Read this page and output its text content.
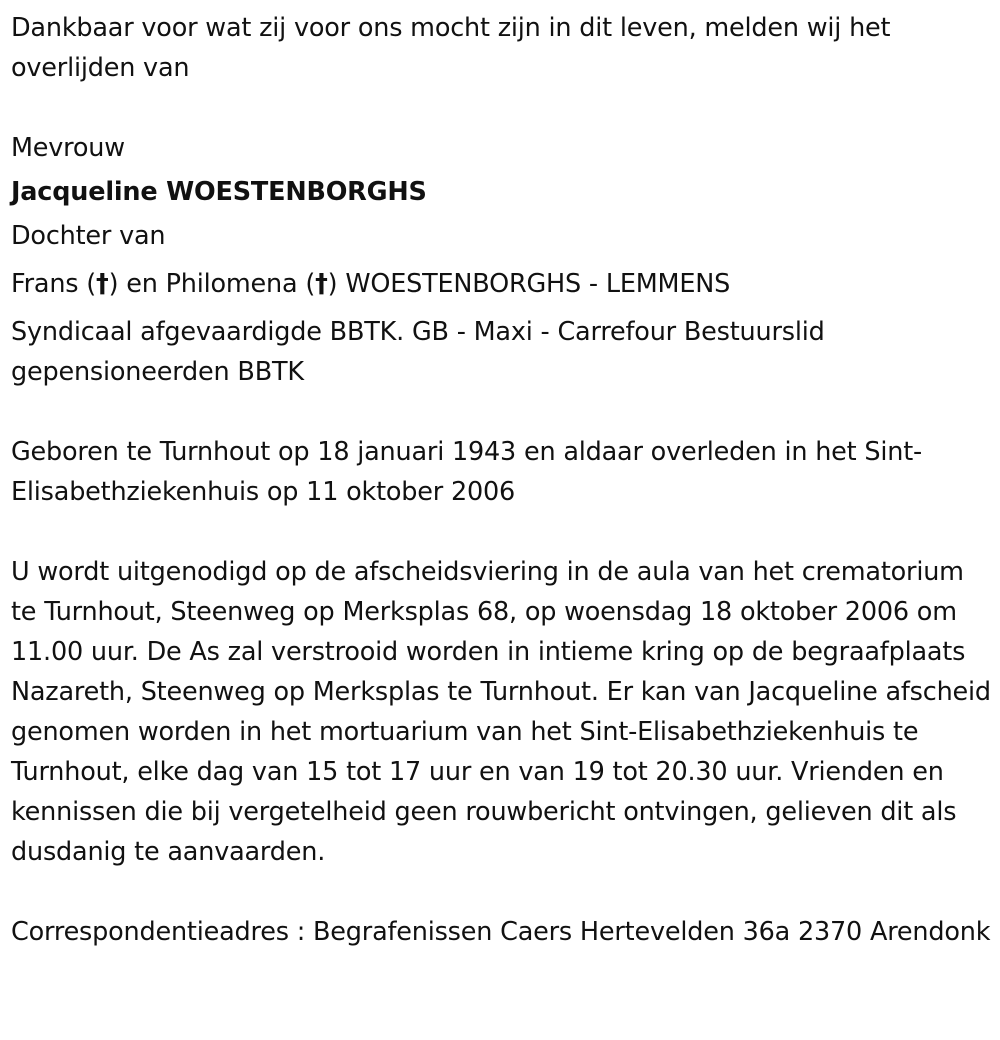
Dankbaar voor wat zij voor ons mocht zijn in dit leven, melden wij het overlijden van

Mevrouw
Jacqueline WOESTENBORGHS
Dochter van
Frans (†) en Philomena (†) WOESTENBORGHS - LEMMENS

Syndicaal afgevaardigde BBTK. GB - Maxi - Carrefour Bestuurslid gepensioneerden BBTK

Geboren te Turnhout op 18 januari 1943 en aldaar overleden in het Sint-Elisabethziekenhuis op 11 oktober 2006

U wordt uitgenodigd op de afscheidsviering in de aula van het crematorium te Turnhout, Steenweg op Merksplas 68, op woensdag 18 oktober 2006 om 11.00 uur. De As zal verstrooid worden in intieme kring op de begraafplaats Nazareth, Steenweg op Merksplas te Turnhout. Er kan van Jacqueline afscheid genomen worden in het mortuarium van het Sint-Elisabethziekenhuis te Turnhout, elke dag van 15 tot 17 uur en van 19 tot 20.30 uur. Vrienden en kennissen die bij vergetelheid geen rouwbericht ontvingen, gelieven dit als dusdanig te aanvaarden.

Correspondentieadres : Begrafenissen Caers Hertevelden 36a 2370 Arendonk
